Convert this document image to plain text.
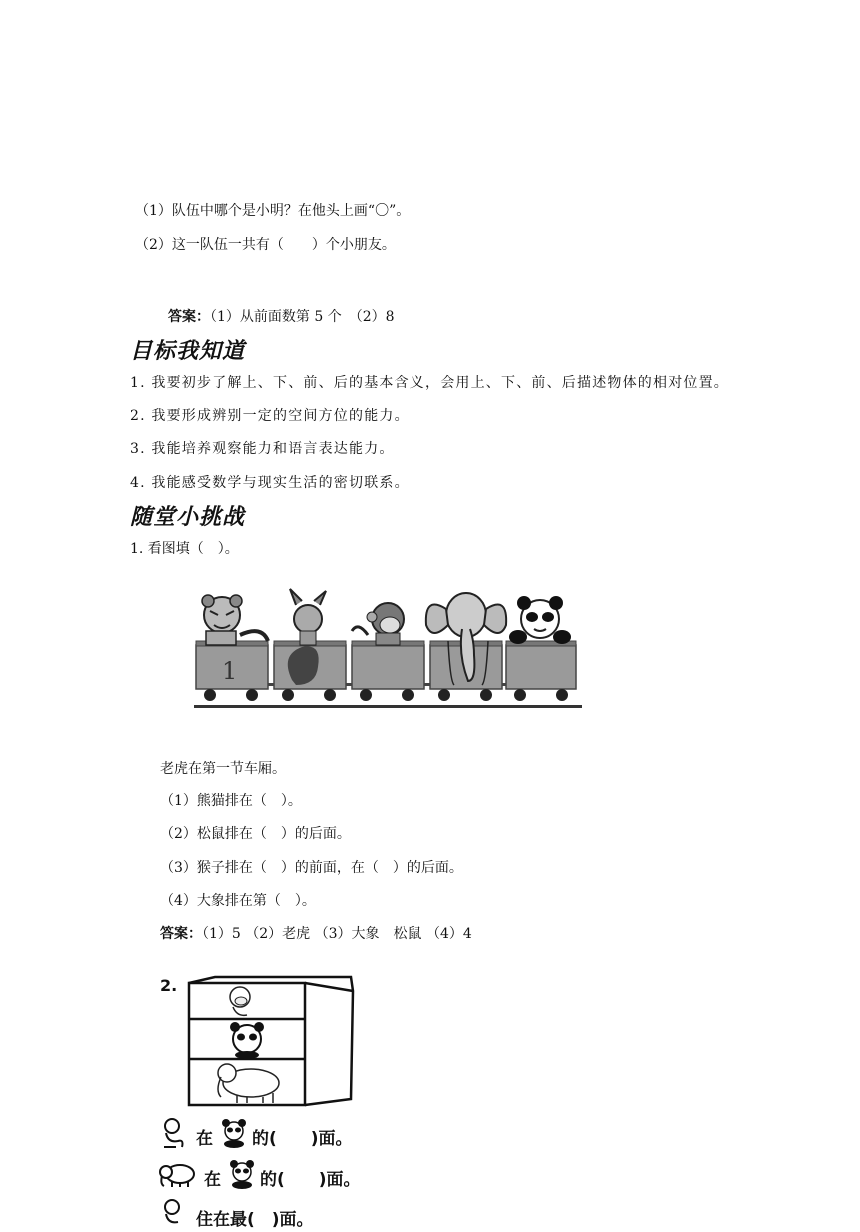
（1）队伍中哪个是小明？在他头上画“〇”。
（2）这一队伍一共有（　　）个小朋友。
答案：（1）从前面数第 5 个　（2）8
目标我知道
1. 我要初步了解上、下、前、后的基本含义，会用上、下、前、后描述物体的相对位置。
2. 我要形成辨别一定的空间方位的能力。
3. 我能培养观察能力和语言表达能力。
4. 我能感受数学与现实生活的密切联系。
随堂小挑战
1. 看图填（　）。
1
老虎在第一节车厢。
（1）熊猫排在（　）。
（2）松鼠排在（　）的后面。
（3）猴子排在（　）的前面，在（　）的后面。
（4）大象排在第（　）。
答案：（1）5 （2）老虎 （3）大象　松鼠 （4）4
2.
在 的(　　)面。
在 的(　　)面。
住在最(　)面。
